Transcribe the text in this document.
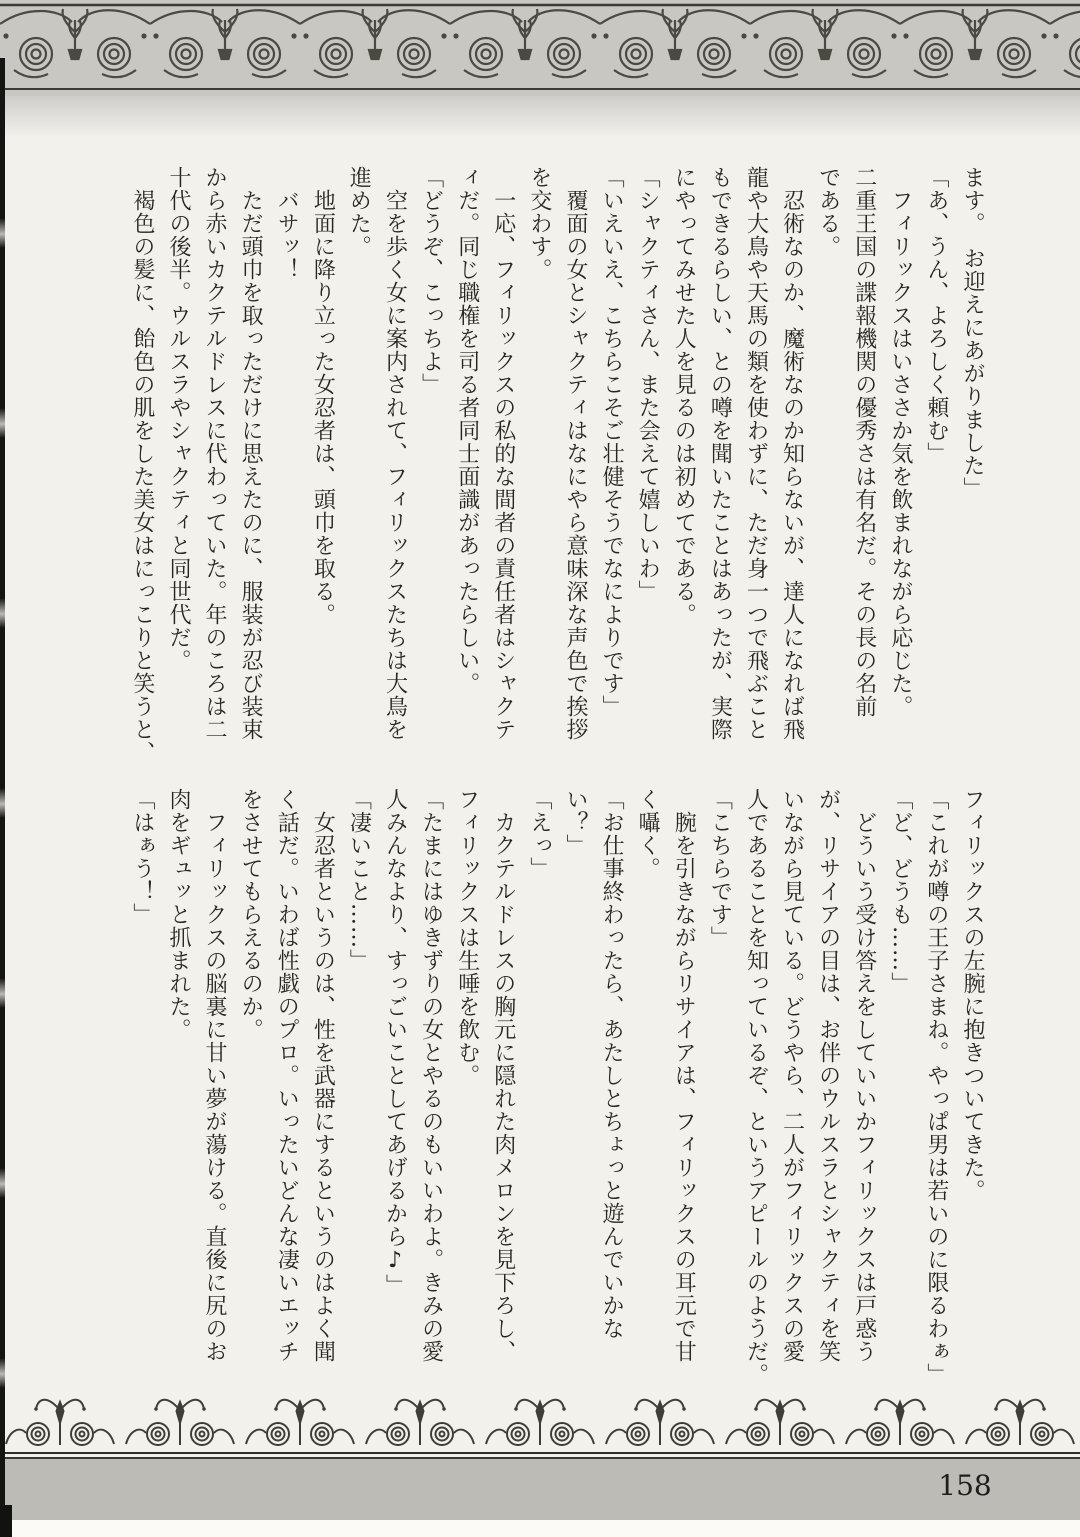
ます。　お迎えにあがりました」

「あ、うん、よろしく頼む」

　フィリックスはいささか気を飲まれながら応じた。

二重王国の諜報機関の優秀さは有名だ。その長の名前

である。

　忍術なのか、魔術なのか知らないが、達人になれば飛

龍や大鳥や天馬の類を使わずに、ただ身一つで飛ぶこと

もできるらしい、との噂を聞いたことはあったが、実際

にやってみせた人を見るのは初めてである。

「シャクティさん、また会えて嬉しいわ」

「いえいえ、こちらこそご壮健そうでなによりです」

　覆面の女とシャクティはなにやら意味深な声色で挨拶

を交わす。

　一応、フィリックスの私的な間者の責任者はシャクテ

ィだ。同じ職権を司る者同士面識があったらしい。

「どうぞ、こっちよ」

　空を歩く女に案内されて、フィリックスたちは大鳥を

進めた。

　地面に降り立った女忍者は、頭巾を取る。

　バサッ！

　ただ頭巾を取っただけに思えたのに、服装が忍び装束

から赤いカクテルドレスに代わっていた。年のころは二

十代の後半。ウルスラやシャクティと同世代だ。

　褐色の髪に、飴色の肌をした美女はにっこりと笑うと、

フィリックスの左腕に抱きついてきた。

「これが噂の王子さまね。やっぱ男は若いのに限るわぁ」

「ど、どうも……」

　どういう受け答えをしていいかフィリックスは戸惑う

が、リサイアの目は、お伴のウルスラとシャクティを笑

いながら見ている。どうやら、二人がフィリックスの愛

人であることを知っているぞ、というアピールのようだ。

「こちらです」

　腕を引きながらリサイアは、フィリックスの耳元で甘

く囁く。

「お仕事終わったら、あたしとちょっと遊んでいかな

い？」

「えっ」

　カクテルドレスの胸元に隠れた肉メロンを見下ろし、

フィリックスは生唾を飲む。

「たまにはゆきずりの女とやるのもいいわよ。きみの愛

人みんなより、すっごいことしてあげるから♪」

「凄いこと……」

　女忍者というのは、性を武器にするというのはよく聞

く話だ。いわば性戯のプロ。いったいどんな凄いエッチ

をさせてもらえるのか。

　フィリックスの脳裏に甘い夢が蕩ける。直後に尻のお

肉をギュッと抓まれた。

「はぁう！」

158
